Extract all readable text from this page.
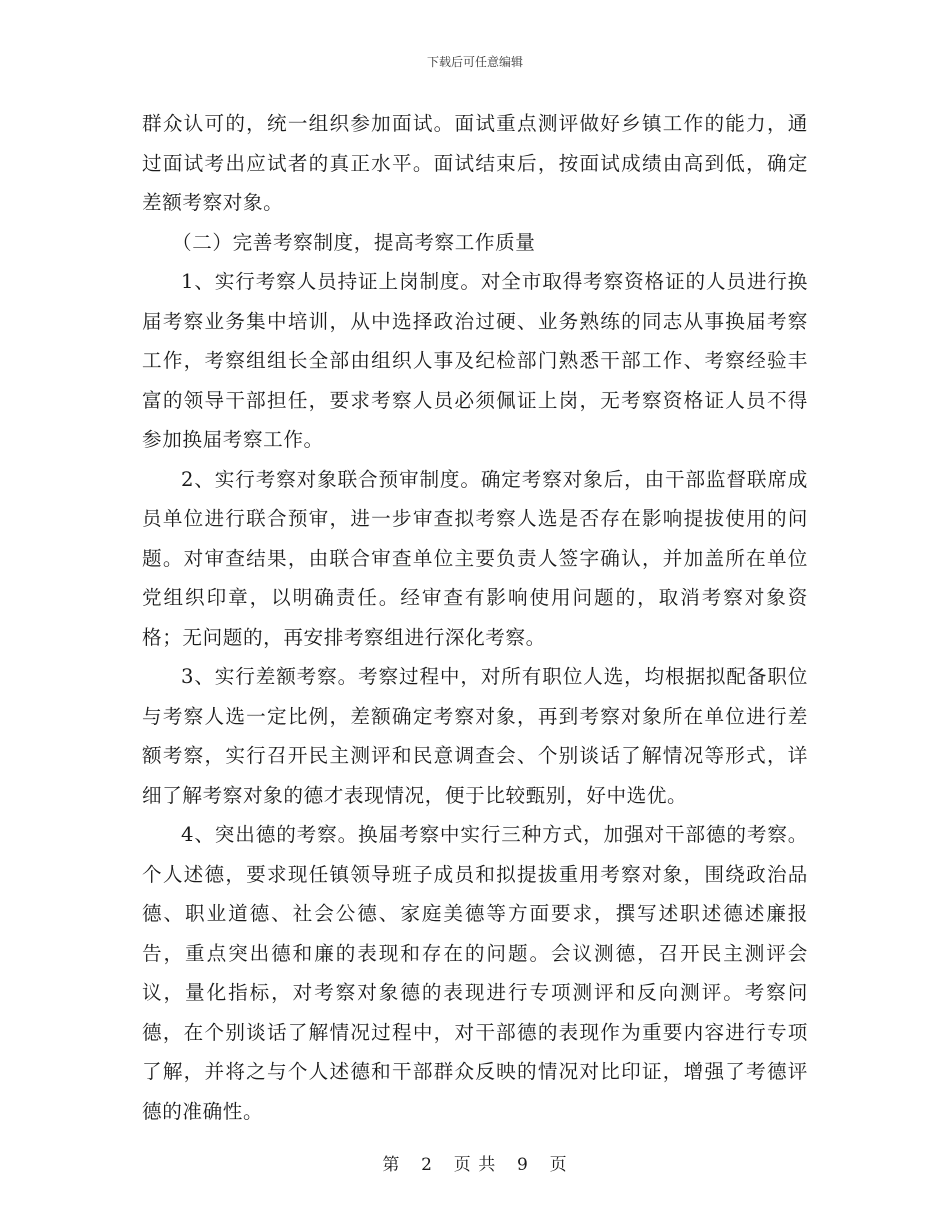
下载后可任意编辑

群众认可的，统一组织参加面试。面试重点测评做好乡镇工作的能力，通过面试考出应试者的真正水平。面试结束后，按面试成绩由高到低，确定差额考察对象。

（二）完善考察制度，提高考察工作质量

1、实行考察人员持证上岗制度。对全市取得考察资格证的人员进行换届考察业务集中培训，从中选择政治过硬、业务熟练的同志从事换届考察工作，考察组组长全部由组织人事及纪检部门熟悉干部工作、考察经验丰富的领导干部担任，要求考察人员必须佩证上岗，无考察资格证人员不得参加换届考察工作。

2、实行考察对象联合预审制度。确定考察对象后，由干部监督联席成员单位进行联合预审，进一步审查拟考察人选是否存在影响提拔使用的问题。对审查结果，由联合审查单位主要负责人签字确认，并加盖所在单位党组织印章，以明确责任。经审查有影响使用问题的，取消考察对象资格；无问题的，再安排考察组进行深化考察。

3、实行差额考察。考察过程中，对所有职位人选，均根据拟配备职位与考察人选一定比例，差额确定考察对象，再到考察对象所在单位进行差额考察，实行召开民主测评和民意调查会、个别谈话了解情况等形式，详细了解考察对象的德才表现情况，便于比较甄别，好中选优。

4、突出德的考察。换届考察中实行三种方式，加强对干部德的考察。个人述德，要求现任镇领导班子成员和拟提拔重用考察对象，围绕政治品德、职业道德、社会公德、家庭美德等方面要求，撰写述职述德述廉报告，重点突出德和廉的表现和存在的问题。会议测德，召开民主测评会议，量化指标，对考察对象德的表现进行专项测评和反向测评。考察问德，在个别谈话了解情况过程中，对干部德的表现作为重要内容进行专项了解，并将之与个人述德和干部群众反映的情况对比印证，增强了考德评德的准确性。

第 2 页 共 9 页
